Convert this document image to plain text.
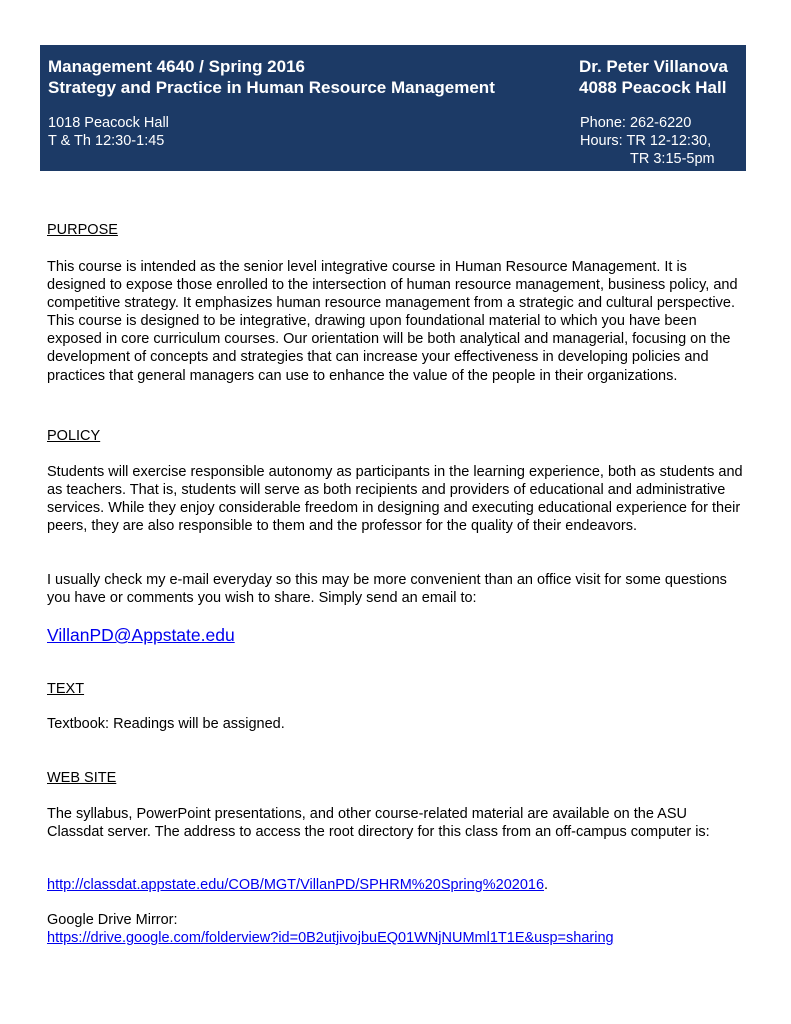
Management 4640 / Spring 2016
Strategy and Practice in Human Resource Management
1018 Peacock Hall
T & Th 12:30-1:45
Dr. Peter Villanova
4088 Peacock Hall
Phone: 262-6220
Hours: TR 12-12:30,
TR 3:15-5pm
PURPOSE
This course is intended as the senior level integrative course in Human Resource Management. It is designed to expose those enrolled to the intersection of human resource management, business policy, and competitive strategy. It emphasizes human resource management from a strategic and cultural perspective. This course is designed to be integrative, drawing upon foundational material to which you have been exposed in core curriculum courses. Our orientation will be both analytical and managerial, focusing on the development of concepts and strategies that can increase your effectiveness in developing policies and practices that general managers can use to enhance the value of the people in their organizations.
POLICY
Students will exercise responsible autonomy as participants in the learning experience, both as students and as teachers. That is, students will serve as both recipients and providers of educational and administrative services. While they enjoy considerable freedom in designing and executing educational experience for their peers, they are also responsible to them and the professor for the quality of their endeavors.
I usually check my e-mail everyday so this may be more convenient than an office visit for some questions you have or comments you wish to share. Simply send an email to:
VillanPD@Appstate.edu
TEXT
Textbook: Readings will be assigned.
WEB SITE
The syllabus, PowerPoint presentations, and other course-related material are available on the ASU Classdat server. The address to access the root directory for this class from an off-campus computer is:
http://classdat.appstate.edu/COB/MGT/VillanPD/SPHRM%20Spring%202016.
Google Drive Mirror:
https://drive.google.com/folderview?id=0B2utjivojbuEQ01WNjNUMml1T1E&usp=sharing
